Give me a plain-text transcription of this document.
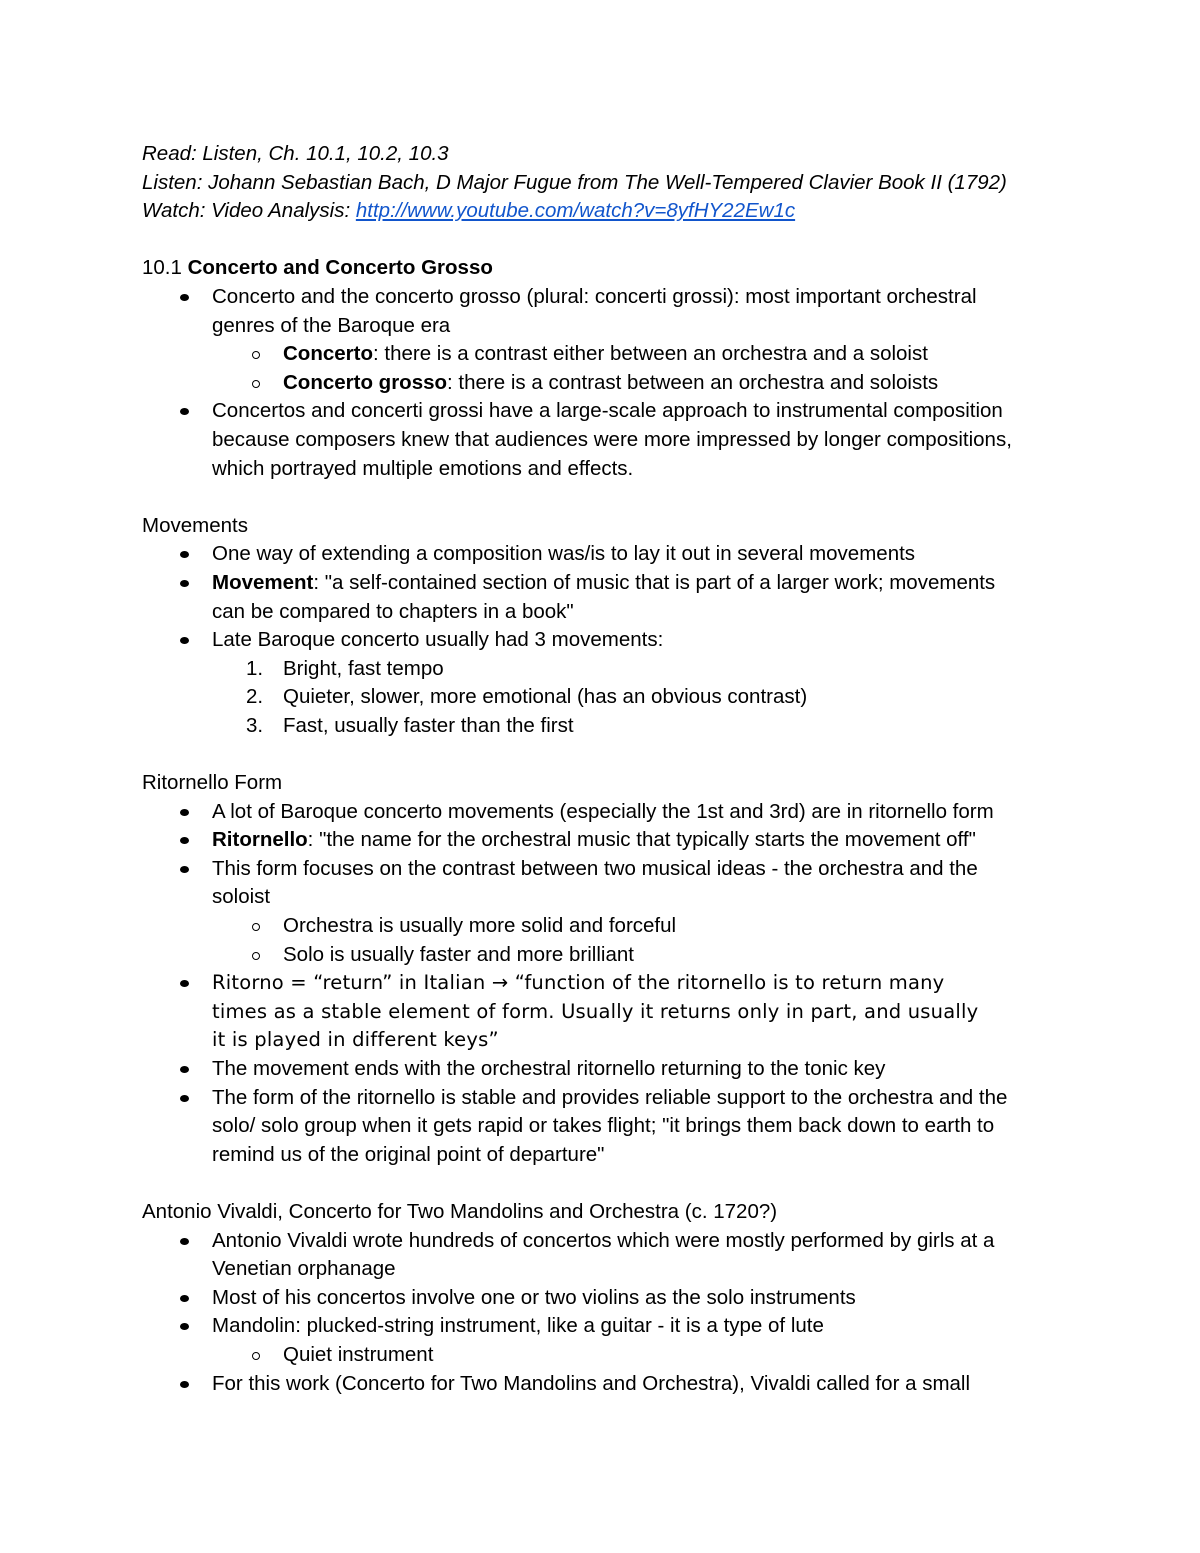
Read: Listen, Ch. 10.1, 10.2, 10.3
Listen: Johann Sebastian Bach, D Major Fugue from The Well-Tempered Clavier Book II (1792)
Watch: Video Analysis: http://www.youtube.com/watch?v=8yfHY22Ew1c
10.1 Concerto and Concerto Grosso
Concerto and the concerto grosso (plural: concerti grossi): most important orchestral
genres of the Baroque era
Concerto: there is a contrast either between an orchestra and a soloist
Concerto grosso: there is a contrast between an orchestra and soloists
Concertos and concerti grossi have a large-scale approach to instrumental composition
because composers knew that audiences were more impressed by longer compositions,
which portrayed multiple emotions and effects.
Movements
One way of extending a composition was/is to lay it out in several movements
Movement: "a self-contained section of music that is part of a larger work; movements
can be compared to chapters in a book"
Late Baroque concerto usually had 3 movements:
1. Bright, fast tempo
2. Quieter, slower, more emotional (has an obvious contrast)
3. Fast, usually faster than the first
Ritornello Form
A lot of Baroque concerto movements (especially the 1st and 3rd) are in ritornello form
Ritornello: "the name for the orchestral music that typically starts the movement off"
This form focuses on the contrast between two musical ideas - the orchestra and the
soloist
Orchestra is usually more solid and forceful
Solo is usually faster and more brilliant
Ritorno = “return” in Italian → “function of the ritornello is to return many
times as a stable element of form. Usually it returns only in part, and usually
it is played in different keys”
The movement ends with the orchestral ritornello returning to the tonic key
The form of the ritornello is stable and provides reliable support to the orchestra and the
solo/ solo group when it gets rapid or takes flight; "it brings them back down to earth to
remind us of the original point of departure"
Antonio Vivaldi, Concerto for Two Mandolins and Orchestra (c. 1720?)
Antonio Vivaldi wrote hundreds of concertos which were mostly performed by girls at a
Venetian orphanage
Most of his concertos involve one or two violins as the solo instruments
Mandolin: plucked-string instrument, like a guitar - it is a type of lute
Quiet instrument
For this work (Concerto for Two Mandolins and Orchestra), Vivaldi called for a small
